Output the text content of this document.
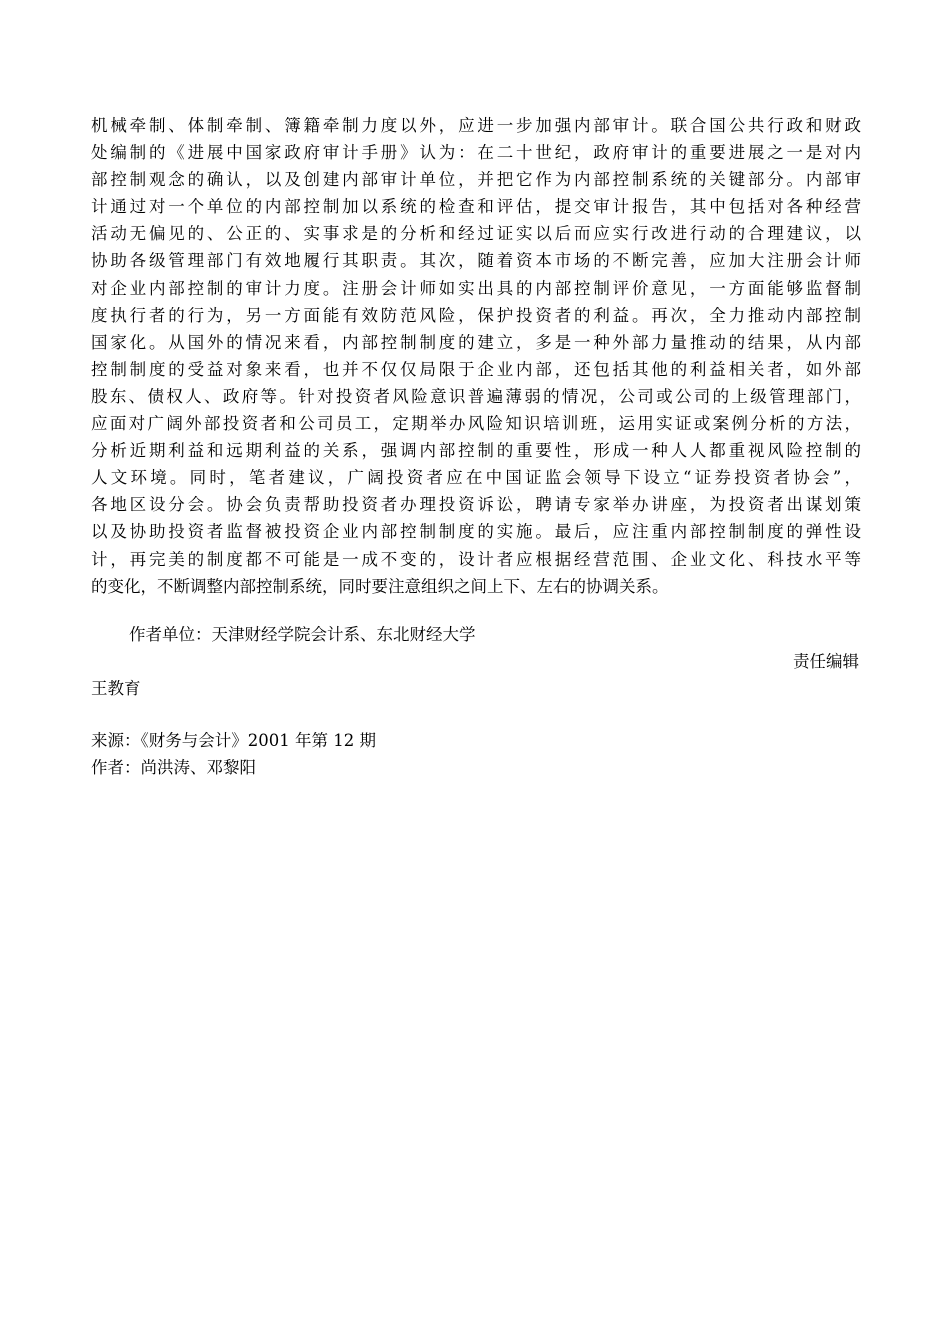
机械牵制、体制牵制、簿籍牵制力度以外，应进一步加强内部审计。联合国公共行政和财政
处编制的《进展中国家政府审计手册》认为：在二十世纪，政府审计的重要进展之一是对内
部控制观念的确认，以及创建内部审计单位，并把它作为内部控制系统的关键部分。内部审
计通过对一个单位的内部控制加以系统的检查和评估，提交审计报告，其中包括对各种经营
活动无偏见的、公正的、实事求是的分析和经过证实以后而应实行改进行动的合理建议，以
协助各级管理部门有效地履行其职责。其次，随着资本市场的不断完善，应加大注册会计师
对企业内部控制的审计力度。注册会计师如实出具的内部控制评价意见，一方面能够监督制
度执行者的行为，另一方面能有效防范风险，保护投资者的利益。再次，全力推动内部控制
国家化。从国外的情况来看，内部控制制度的建立，多是一种外部力量推动的结果，从内部
控制制度的受益对象来看，也并不仅仅局限于企业内部，还包括其他的利益相关者，如外部
股东、债权人、政府等。针对投资者风险意识普遍薄弱的情况，公司或公司的上级管理部门，
应面对广阔外部投资者和公司员工，定期举办风险知识培训班，运用实证或案例分析的方法，
分析近期利益和远期利益的关系，强调内部控制的重要性，形成一种人人都重视风险控制的
人文环境。同时，笔者建议，广阔投资者应在中国证监会领导下设立“证券投资者协会”，
各地区设分会。协会负责帮助投资者办理投资诉讼，聘请专家举办讲座，为投资者出谋划策
以及协助投资者监督被投资企业内部控制制度的实施。最后，应注重内部控制制度的弹性设
计，再完美的制度都不可能是一成不变的，设计者应根据经营范围、企业文化、科技水平等
的变化，不断调整内部控制系统，同时要注意组织之间上下、左右的协调关系。
作者单位：天津财经学院会计系、东北财经大学
责任编辑
王教育
来源：《财务与会计》2001 年第 12 期
作者：尚洪涛、邓黎阳
